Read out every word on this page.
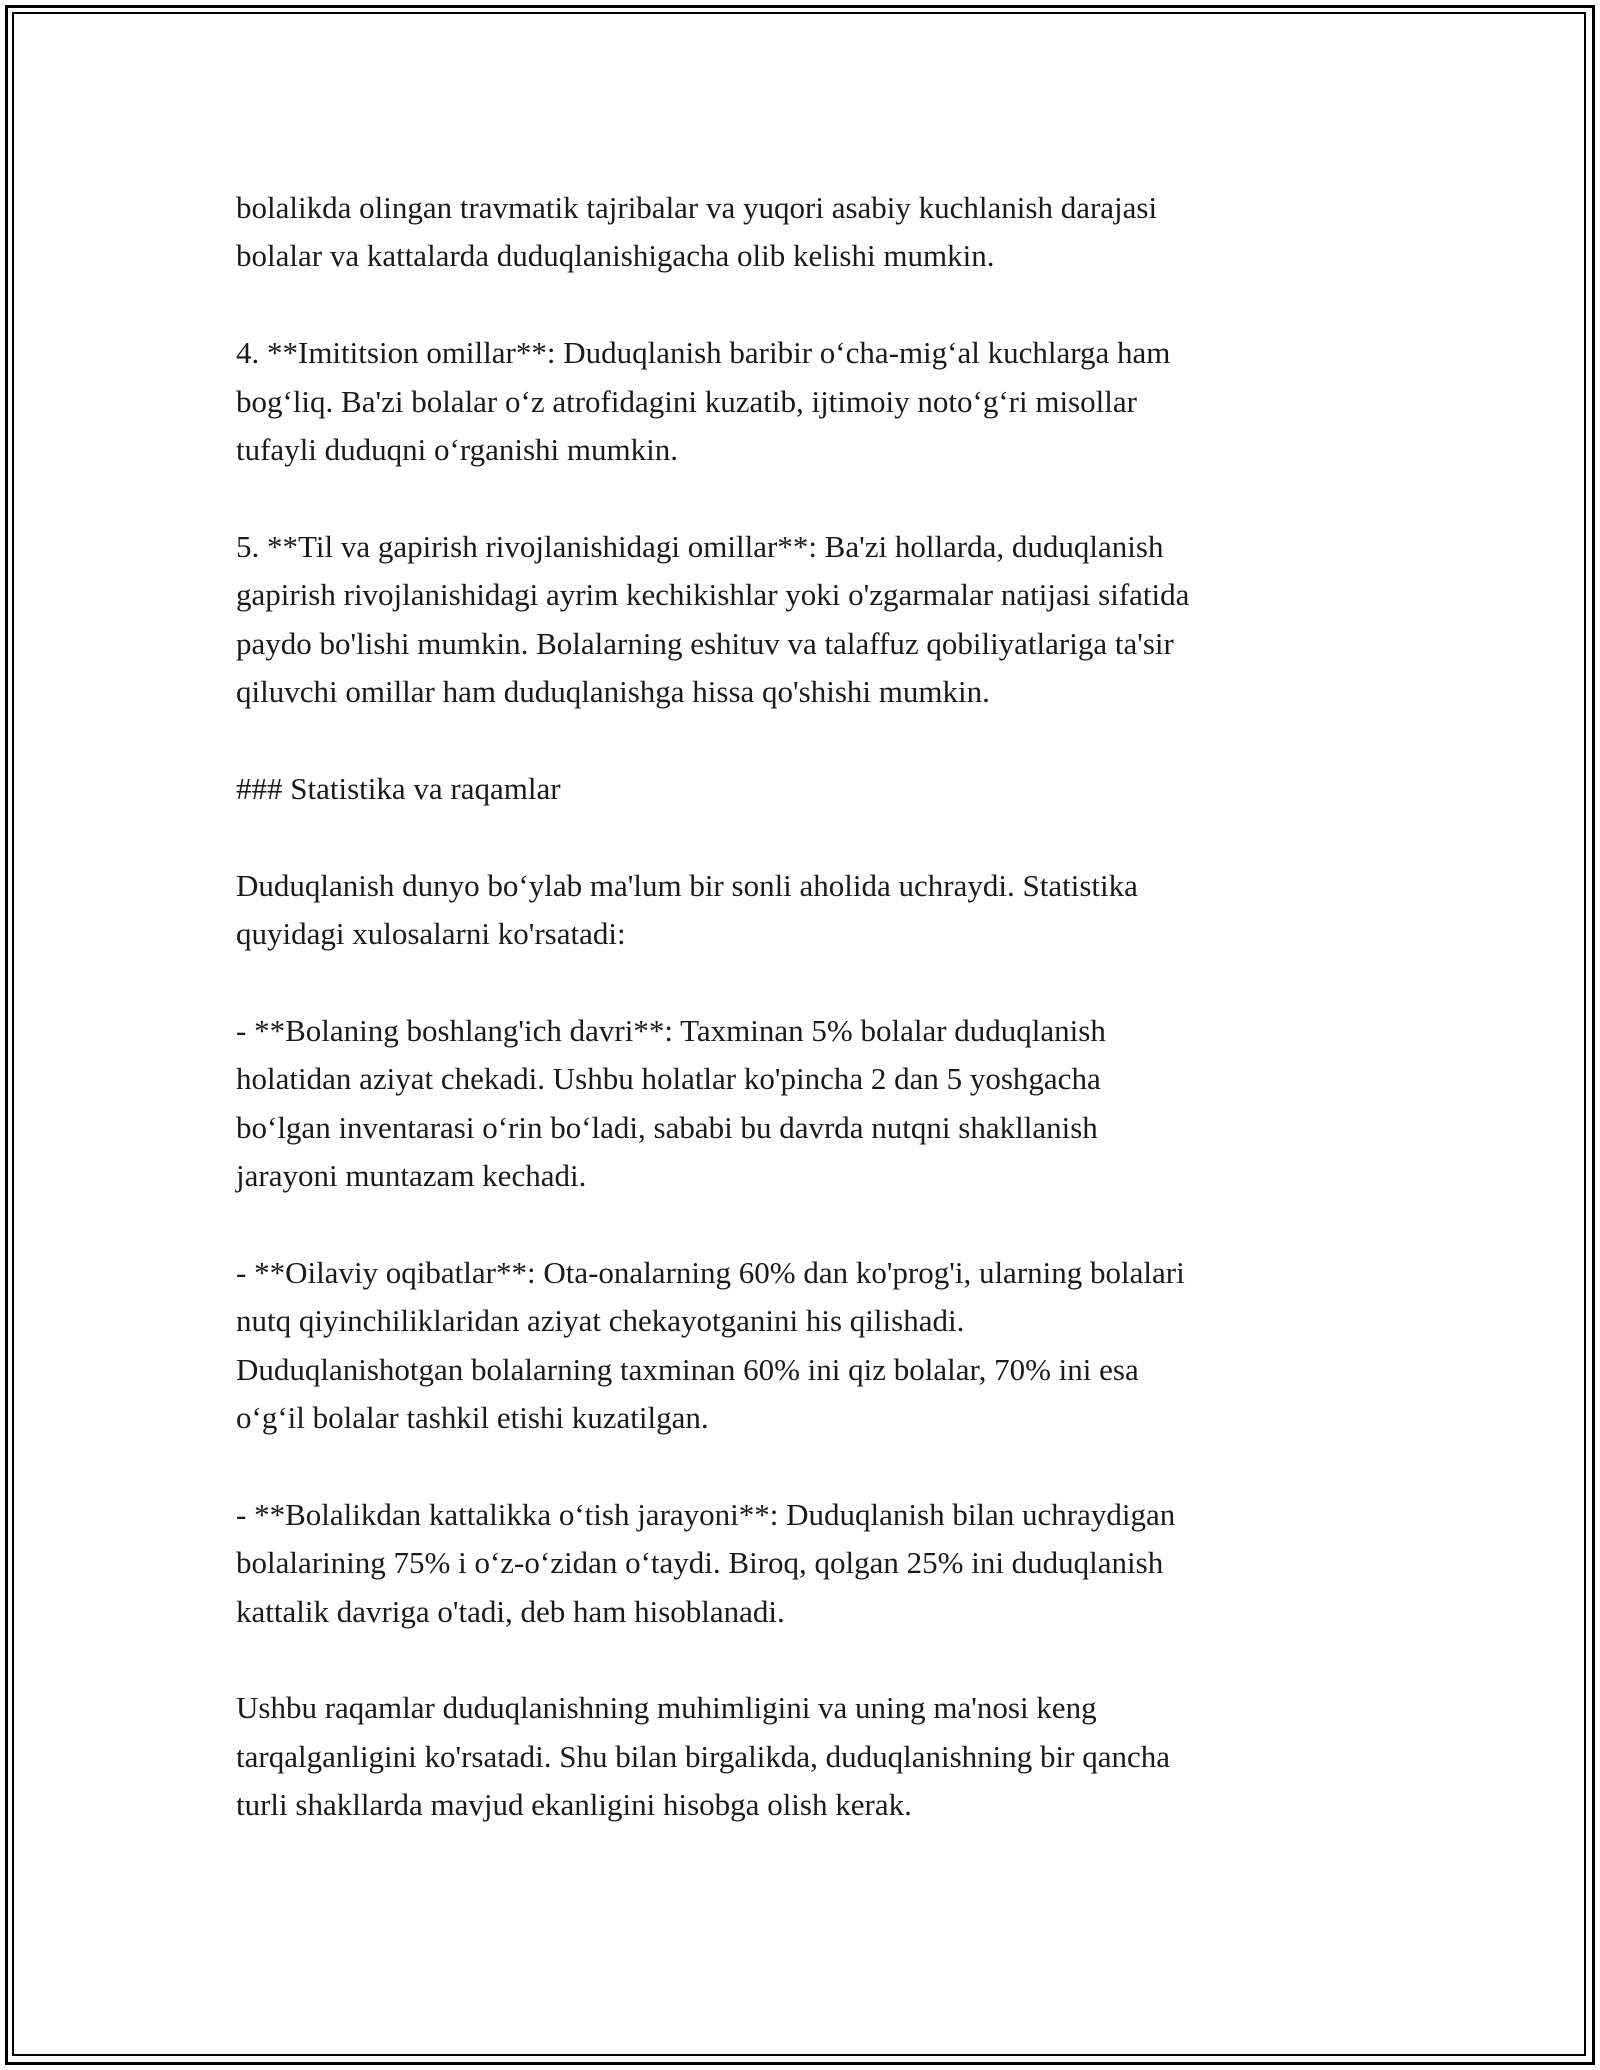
bolalikda olingan travmatik tajribalar va yuqori asabiy kuchlanish darajasi
bolalar va kattalarda duduqlanishigacha olib kelishi mumkin.

4. **Imititsion omillar**: Duduqlanish baribir oʻcha-migʻal kuchlarga ham
bogʻliq. Ba'zi bolalar oʻz atrofidagini kuzatib, ijtimoiy notoʻgʻri misollar
tufayli duduqni oʻrganishi mumkin.

5. **Til va gapirish rivojlanishidagi omillar**: Ba'zi hollarda, duduqlanish
gapirish rivojlanishidagi ayrim kechikishlar yoki o'zgarmalar natijasi sifatida
paydo bo'lishi mumkin. Bolalarning eshituv va talaffuz qobiliyatlariga ta'sir
qiluvchi omillar ham duduqlanishga hissa qo'shishi mumkin.

### Statistika va raqamlar

Duduqlanish dunyo boʻylab ma'lum bir sonli aholida uchraydi. Statistika
quyidagi xulosalarni ko'rsatadi:

- **Bolaning boshlang'ich davri**: Taxminan 5% bolalar duduqlanish
holatidan aziyat chekadi. Ushbu holatlar ko'pincha 2 dan 5 yoshgacha
boʻlgan inventarasi oʻrin boʻladi, sababi bu davrda nutqni shakllanish
jarayoni muntazam kechadi.

- **Oilaviy oqibatlar**: Ota-onalarning 60% dan ko'prog'i, ularning bolalari
nutq qiyinchiliklaridan aziyat chekayotganini his qilishadi.
Duduqlanishotgan bolalarning taxminan 60% ini qiz bolalar, 70% ini esa
oʻgʻil bolalar tashkil etishi kuzatilgan.

- **Bolalikdan kattalikka oʻtish jarayoni**: Duduqlanish bilan uchraydigan
bolalarining 75% i oʻz-oʻzidan oʻtaydi. Biroq, qolgan 25% ini duduqlanish
kattalik davriga o'tadi, deb ham hisoblanadi.

Ushbu raqamlar duduqlanishning muhimligini va uning ma'nosi keng
tarqalganligini ko'rsatadi. Shu bilan birgalikda, duduqlanishning bir qancha
turli shakllarda mavjud ekanligini hisobga olish kerak.
